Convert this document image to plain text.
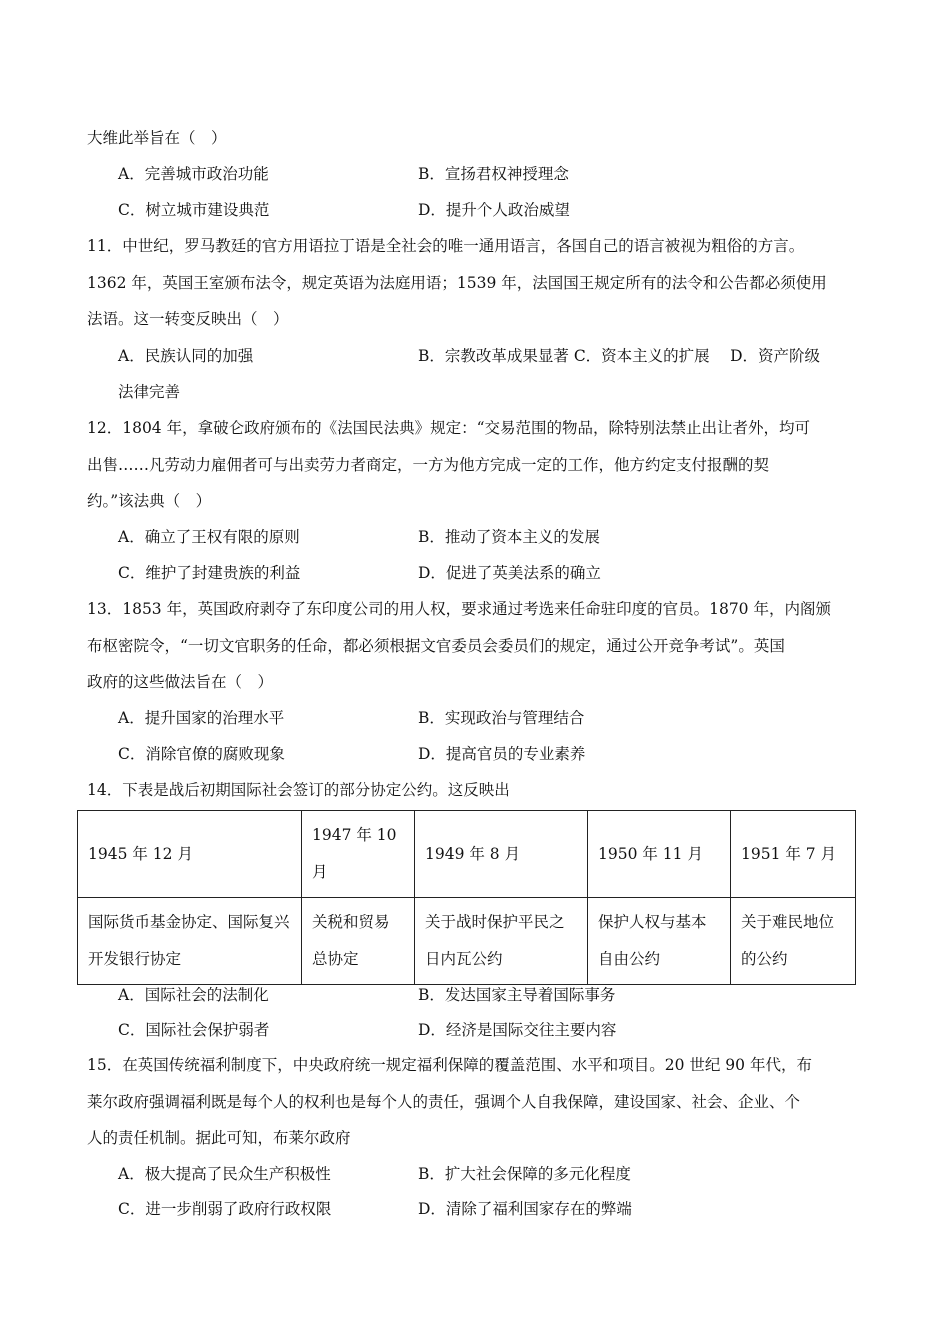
大维此举旨在（　）
A．完善城市政治功能	B．宣扬君权神授理念
C．树立城市建设典范	D．提升个人政治威望
11．中世纪，罗马教廷的官方用语拉丁语是全社会的唯一通用语言，各国自己的语言被视为粗俗的方言。
1362 年，英国王室颁布法令，规定英语为法庭用语；1539 年，法国国王规定所有的法令和公告都必须使用
法语。这一转变反映出（　）
A．民族认同的加强	B．宗教改革成果显著 C．资本主义的扩展　 D．资产阶级
法律完善
12．1804 年，拿破仑政府颁布的《法国民法典》规定：“交易范围的物品，除特别法禁止出让者外，均可
出售……凡劳动力雇佣者可与出卖劳力者商定，一方为他方完成一定的工作，他方约定支付报酬的契
约。”该法典（　）
A．确立了王权有限的原则	B．推动了资本主义的发展
C．维护了封建贵族的利益	D．促进了英美法系的确立
13．1853 年，英国政府剥夺了东印度公司的用人权，要求通过考选来任命驻印度的官员。1870 年，内阁颁
布枢密院令，“一切文官职务的任命，都必须根据文官委员会委员们的规定，通过公开竞争考试”。英国
政府的这些做法旨在（　）
A．提升国家的治理水平	B．实现政治与管理结合
C．消除官僚的腐败现象	D．提高官员的专业素养
14．下表是战后初期国际社会签订的部分协定公约。这反映出
1945 年 12 月	1947 年 10 月	1949 年 8 月	1950 年 11 月	1951 年 7 月
国际货币基金协定、国际复兴开发银行协定	关税和贸易总协定	关于战时保护平民之日内瓦公约	保护人权与基本自由公约	关于难民地位的公约
A．国际社会的法制化	B．发达国家主导着国际事务
C．国际社会保护弱者	D．经济是国际交往主要内容
15．在英国传统福利制度下，中央政府统一规定福利保障的覆盖范围、水平和项目。20 世纪 90 年代，布
莱尔政府强调福利既是每个人的权利也是每个人的责任，强调个人自我保障，建设国家、社会、企业、个
人的责任机制。据此可知，布莱尔政府
A．极大提高了民众生产积极性	B．扩大社会保障的多元化程度
C．进一步削弱了政府行政权限	D．清除了福利国家存在的弊端
